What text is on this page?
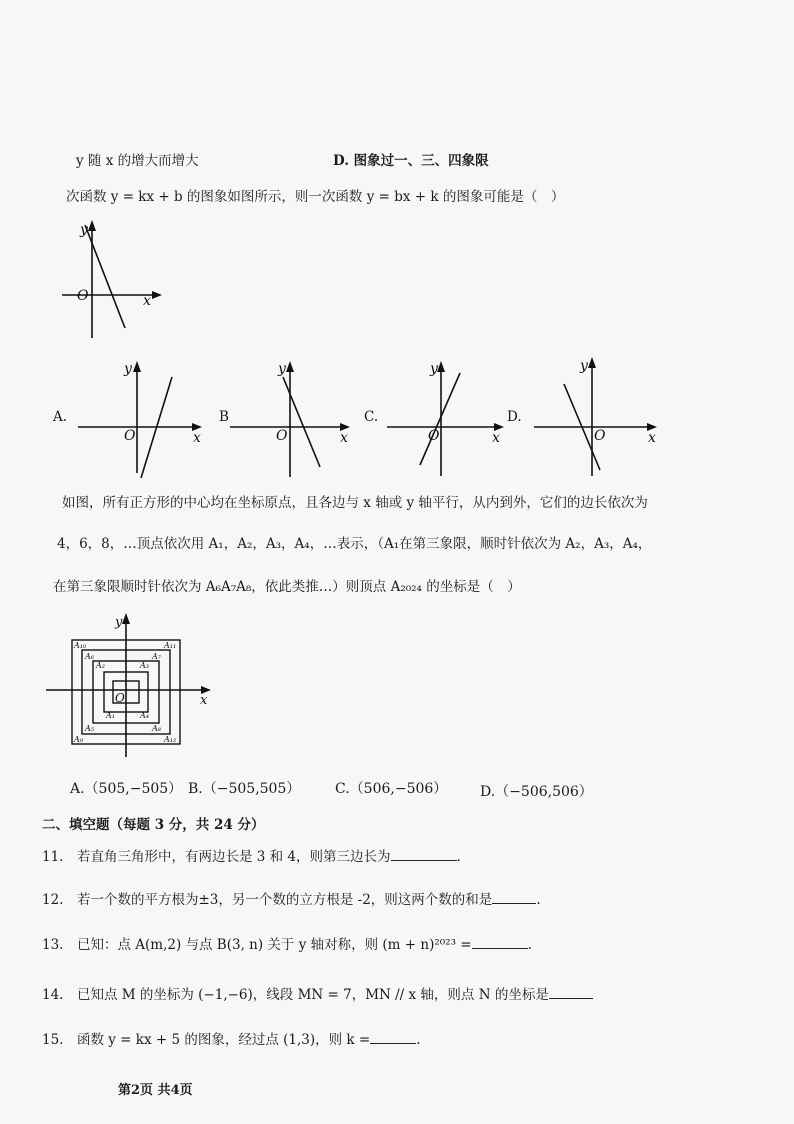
y 随 x 的增大而增大	D. 图象过一、三、四象限
次函数 y = kx + b 的图象如图所示，则一次函数 y = bx + k 的图象可能是（　）
y
x
O
A.	B	C.	D.
y
x
O
y
x
O
y
x
O
y
x
O
如图，所有正方形的中心均在坐标原点，且各边与 x 轴或 y 轴平行，从内到外，它们的边长依次为
4，6，8，…顶点依次用 A₁，A₂，A₃，A₄，…表示，（A₁在第三象限，顺时针依次为 A₂，A₃，A₄，
在第三象限顺时针依次为 A₆A₇A₈，依此类推…）则顶点 A₂₀₂₄ 的坐标是（　）
y
x
O
A₉
A₅
A₁
A₂	A₃
A₄
A₆
A₁₀	A₁₁
A₇
A₈
A₁₂
A.（505,−505） B.（−505,505） C.（506,−506） D.（−506,506）
二、填空题（每题 3 分，共 24 分）
11.　若直角三角形中，有两边长是 3 和 4，则第三边长为	.
12.　若一个数的平方根为±3，另一个数的立方根是 -2，则这两个数的和是	.
13.　已知：点 A(m,2) 与点 B(3, n) 关于 y 轴对称，则 (m + n)²⁰²³ =	.
14.　已知点 M 的坐标为 (−1,−6)，线段 MN = 7，MN // x 轴，则点 N 的坐标是
15.　函数 y = kx + 5 的图象，经过点 (1,3)，则 k =	.
第2页 共4页
